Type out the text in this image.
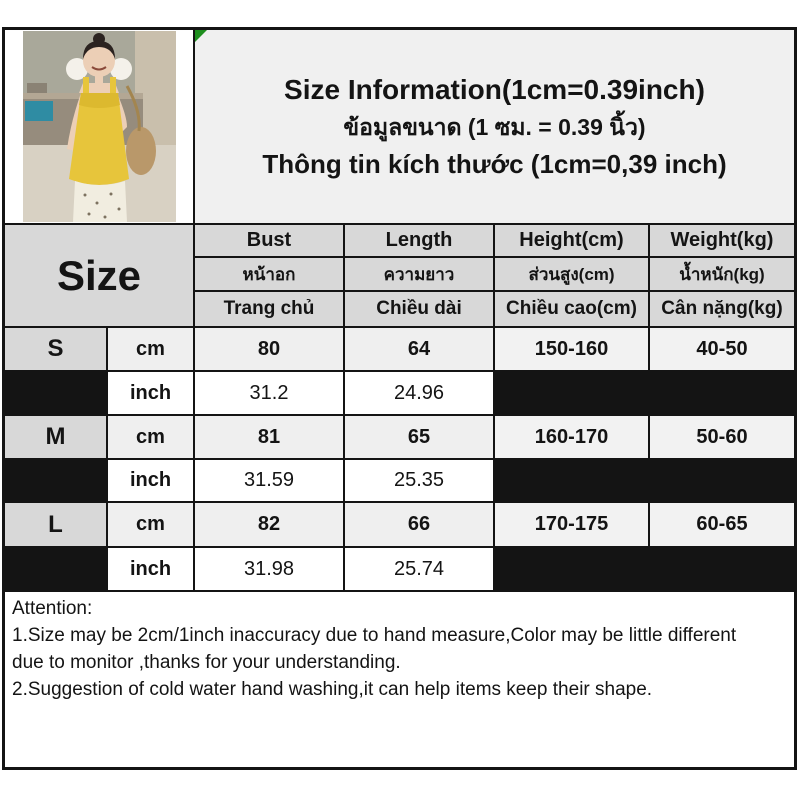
Size Information(1cm=0.39inch)
ข้อมูลขนาด (1 ซม. = 0.39 นิ้ว)
Thông tin kích thước (1cm=0,39 inch)
Size
Bust	Length	Height(cm)	Weight(kg)
หน้าอก	ความยาว	ส่วนสูง(cm)	น้ำหนัก(kg)
Trang chủ	Chiều dài	Chiều cao(cm)	Cân nặng(kg)
S	cm	80	64	150-160	40-50
inch	31.2	24.96
M	cm	81	65	160-170	50-60
inch	31.59	25.35
L	cm	82	66	170-175	60-65
inch	31.98	25.74
Attention:
1.Size may be 2cm/1inch inaccuracy due to hand measure,Color may be little different
due to monitor ,thanks for your understanding.
2.Suggestion of cold water hand washing,it can help items keep their shape.
